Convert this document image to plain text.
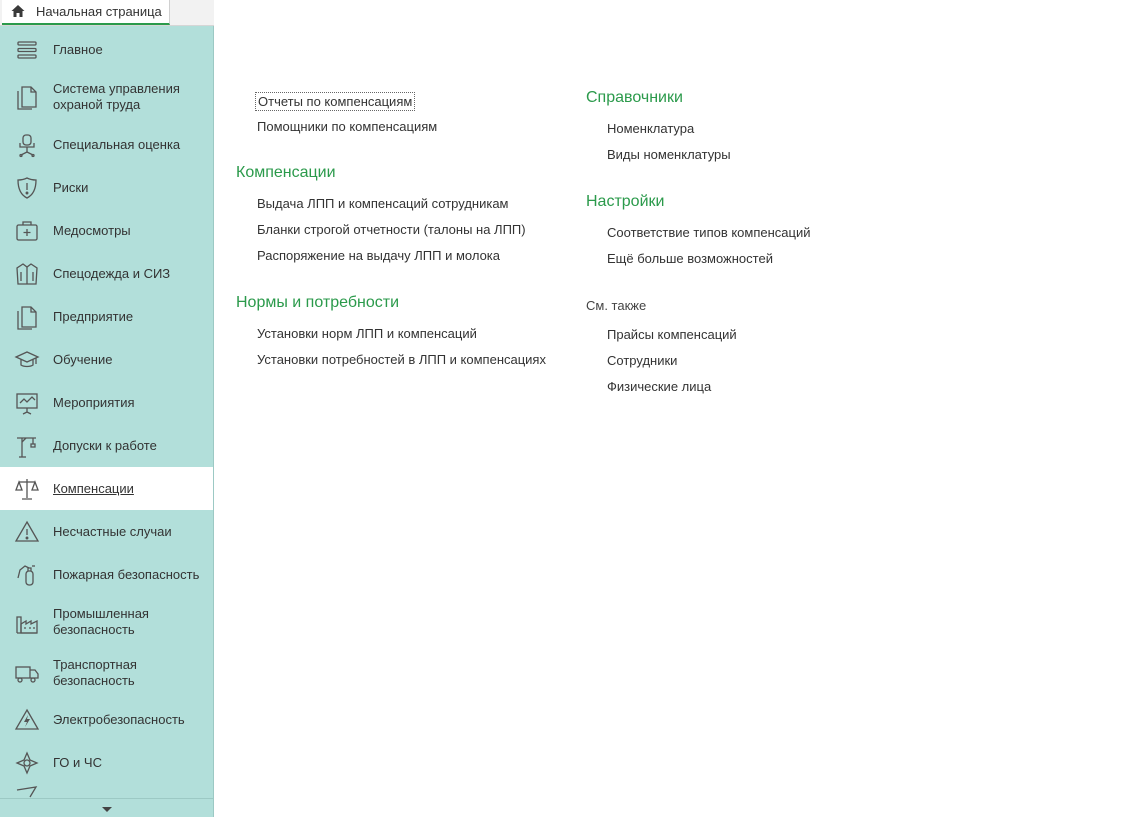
Начальная страница
Главное
Система управления охраной труда
Специальная оценка
Риски
Медосмотры
Спецодежда и СИЗ
Предприятие
Обучение
Мероприятия
Допуски к работе
Компенсации
Несчастные случаи
Пожарная безопасность
Промышленная безопасность
Транспортная безопасность
Электробезопасность
ГО и ЧС
Отчеты по компенсациям
Помощники по компенсациям
Компенсации
Выдача ЛПП и компенсаций сотрудникам
Бланки строгой отчетности (талоны на ЛПП)
Распоряжение на выдачу ЛПП и молока
Нормы и потребности
Установки норм ЛПП и компенсаций
Установки потребностей в ЛПП и компенсациях
Справочники
Номенклатура
Виды номенклатуры
Настройки
Соответствие типов компенсаций
Ещё больше возможностей
См. также
Прайсы компенсаций
Сотрудники
Физические лица
